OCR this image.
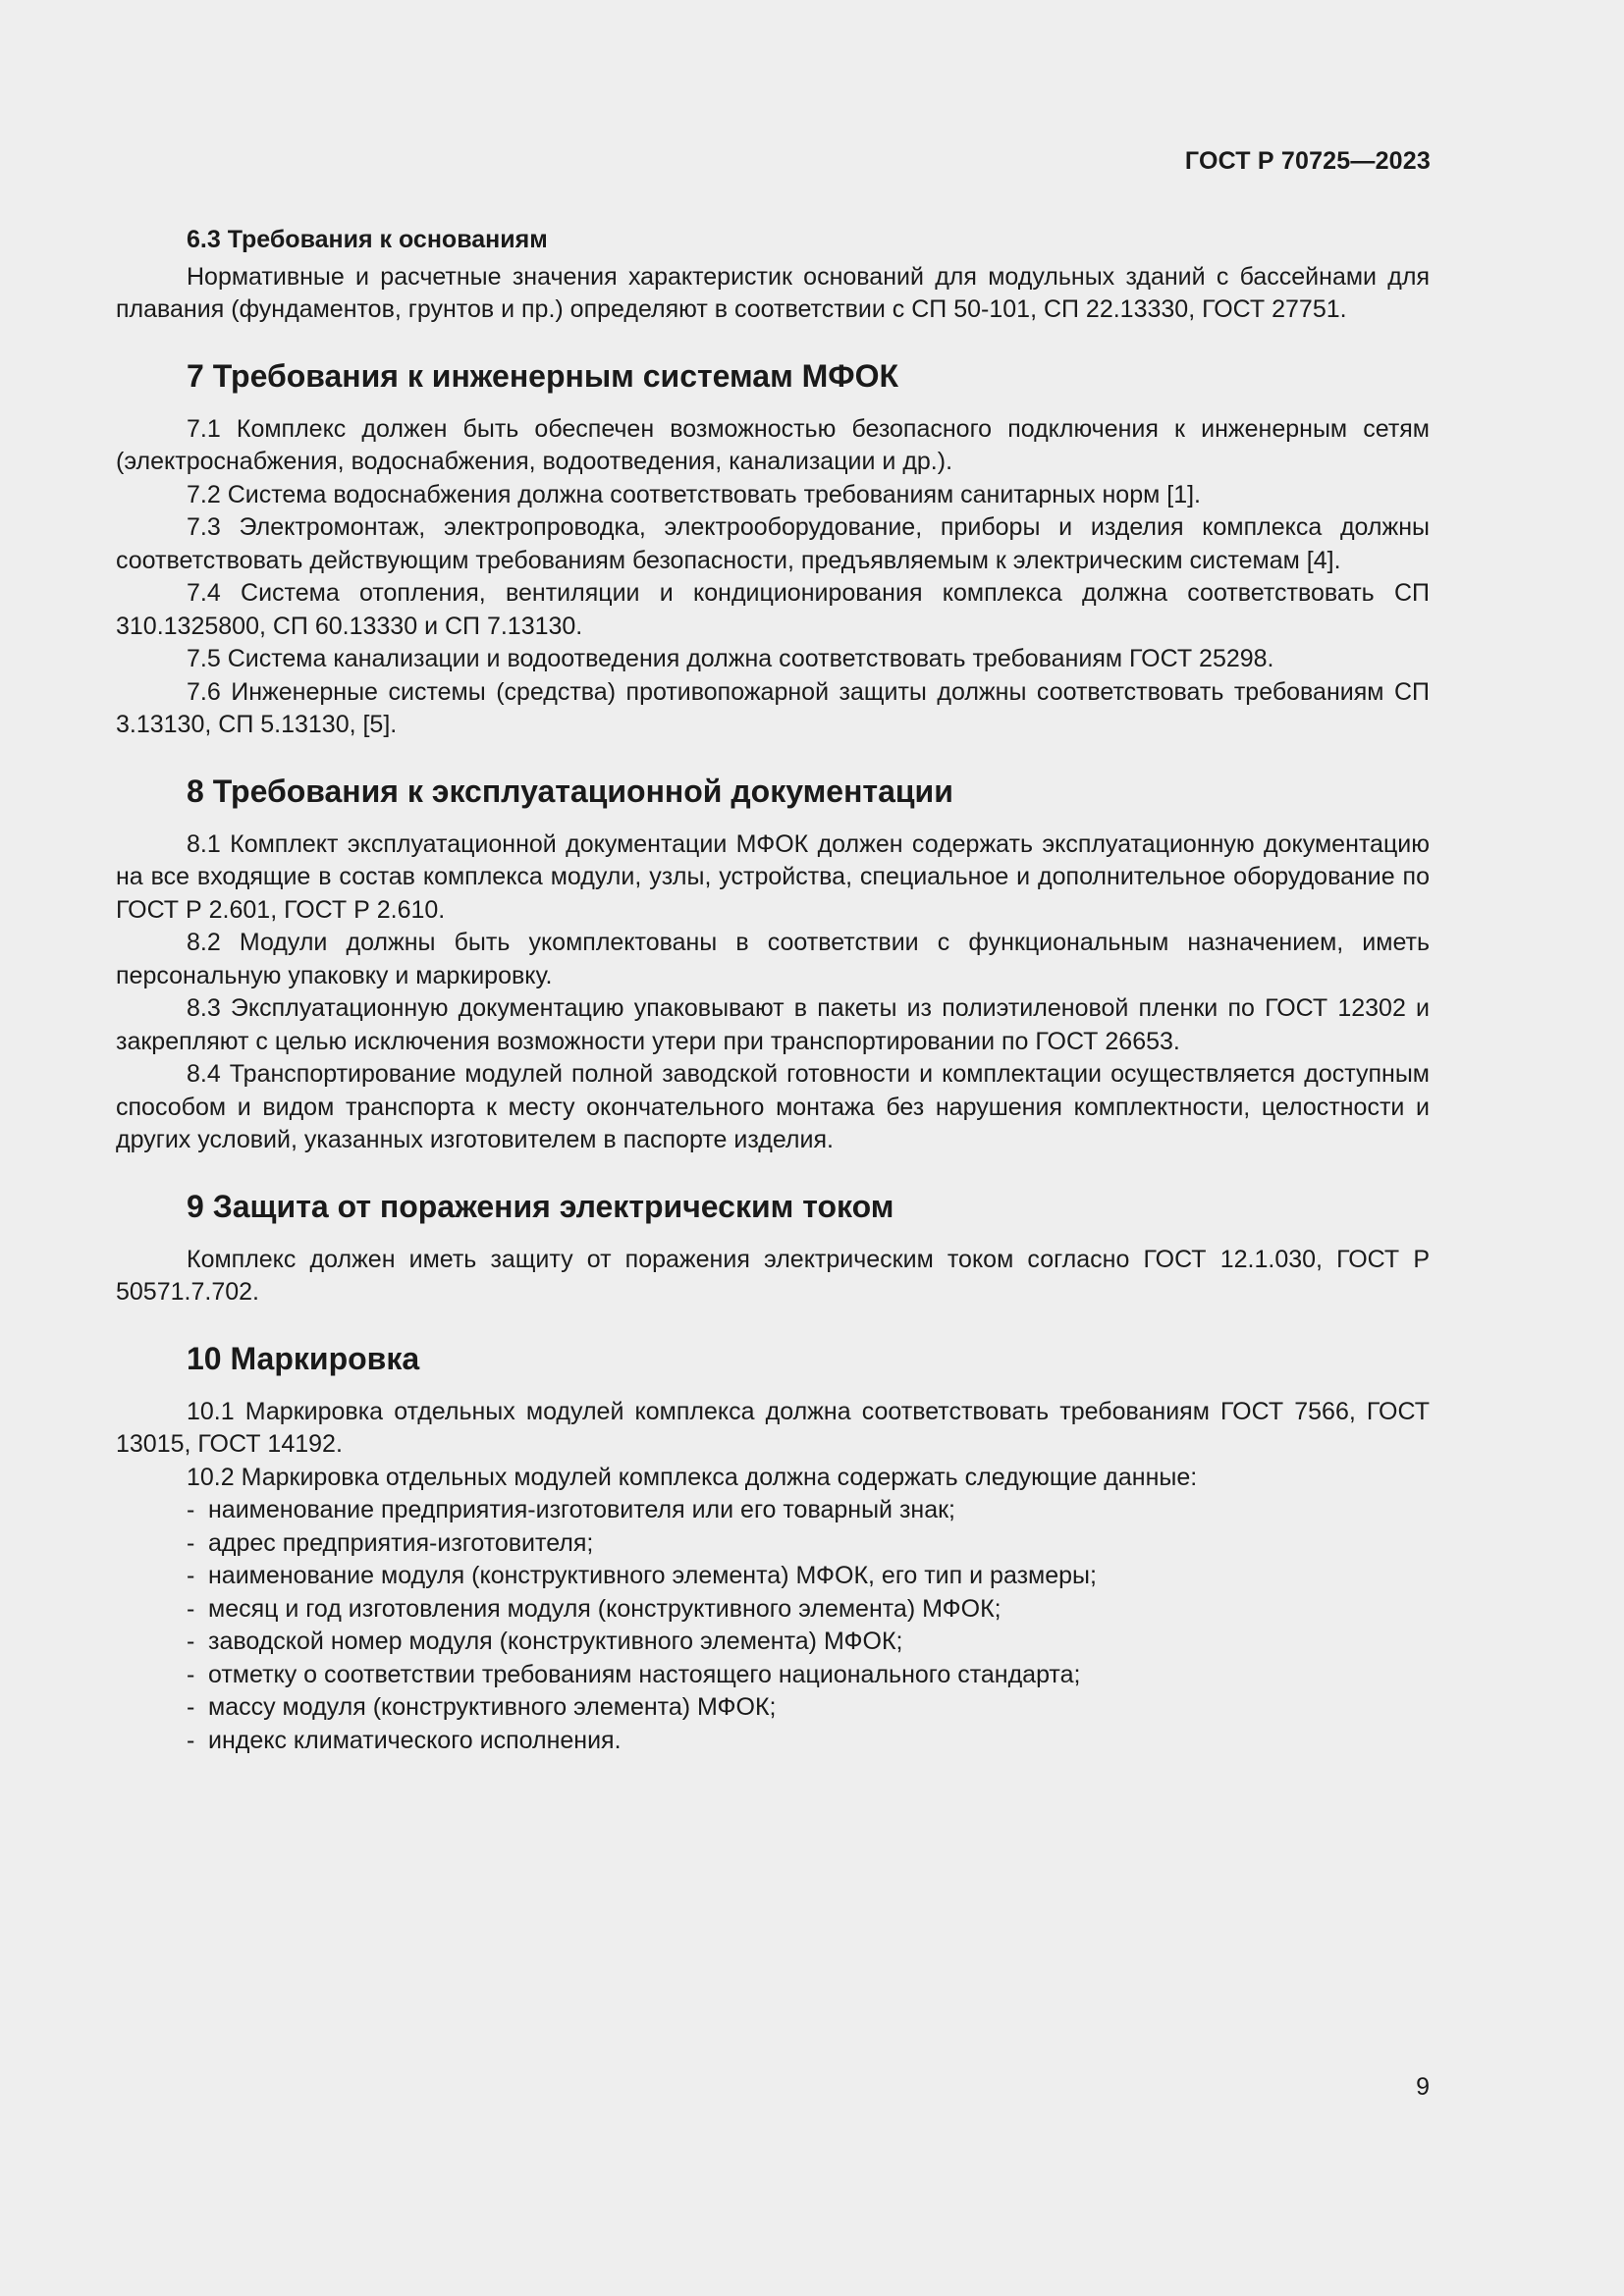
ГОСТ Р 70725—2023
6.3 Требования к основаниям

Нормативные и расчетные значения характеристик оснований для модульных зданий с бассейнами для плавания (фундаментов, грунтов и пр.) определяют в соответствии с СП 50-101, СП 22.13330, ГОСТ 27751.

7 Требования к инженерным системам МФОК

7.1 Комплекс должен быть обеспечен возможностью безопасного подключения к инженерным сетям (электроснабжения, водоснабжения, водоотведения, канализации и др.).

7.2 Система водоснабжения должна соответствовать требованиям санитарных норм [1].

7.3 Электромонтаж, электропроводка, электрооборудование, приборы и изделия комплекса должны соответствовать действующим требованиям безопасности, предъявляемым к электрическим системам [4].

7.4 Система отопления, вентиляции и кондиционирования комплекса должна соответствовать СП 310.1325800, СП 60.13330 и СП 7.13130.

7.5 Система канализации и водоотведения должна соответствовать требованиям ГОСТ 25298.

7.6 Инженерные системы (средства) противопожарной защиты должны соответствовать требованиям СП 3.13130, СП 5.13130, [5].

8 Требования к эксплуатационной документации

8.1 Комплект эксплуатационной документации МФОК должен содержать эксплуатационную документацию на все входящие в состав комплекса модули, узлы, устройства, специальное и дополнительное оборудование по ГОСТ Р 2.601, ГОСТ Р 2.610.

8.2 Модули должны быть укомплектованы в соответствии с функциональным назначением, иметь персональную упаковку и маркировку.

8.3 Эксплуатационную документацию упаковывают в пакеты из полиэтиленовой пленки по ГОСТ 12302 и закрепляют с целью исключения возможности утери при транспортировании по ГОСТ 26653.

8.4 Транспортирование модулей полной заводской готовности и комплектации осуществляется доступным способом и видом транспорта к месту окончательного монтажа без нарушения комплектности, целостности и других условий, указанных изготовителем в паспорте изделия.

9 Защита от поражения электрическим током

Комплекс должен иметь защиту от поражения электрическим током согласно ГОСТ 12.1.030, ГОСТ Р 50571.7.702.

10 Маркировка

10.1 Маркировка отдельных модулей комплекса должна соответствовать требованиям ГОСТ 7566, ГОСТ 13015, ГОСТ 14192.

10.2 Маркировка отдельных модулей комплекса должна содержать следующие данные:

- наименование предприятия-изготовителя или его товарный знак;
- адрес предприятия-изготовителя;
- наименование модуля (конструктивного элемента) МФОК, его тип и размеры;
- месяц и год изготовления модуля (конструктивного элемента) МФОК;
- заводской номер модуля (конструктивного элемента) МФОК;
- отметку о соответствии требованиям настоящего национального стандарта;
- массу модуля (конструктивного элемента) МФОК;
- индекс климатического исполнения.
9
